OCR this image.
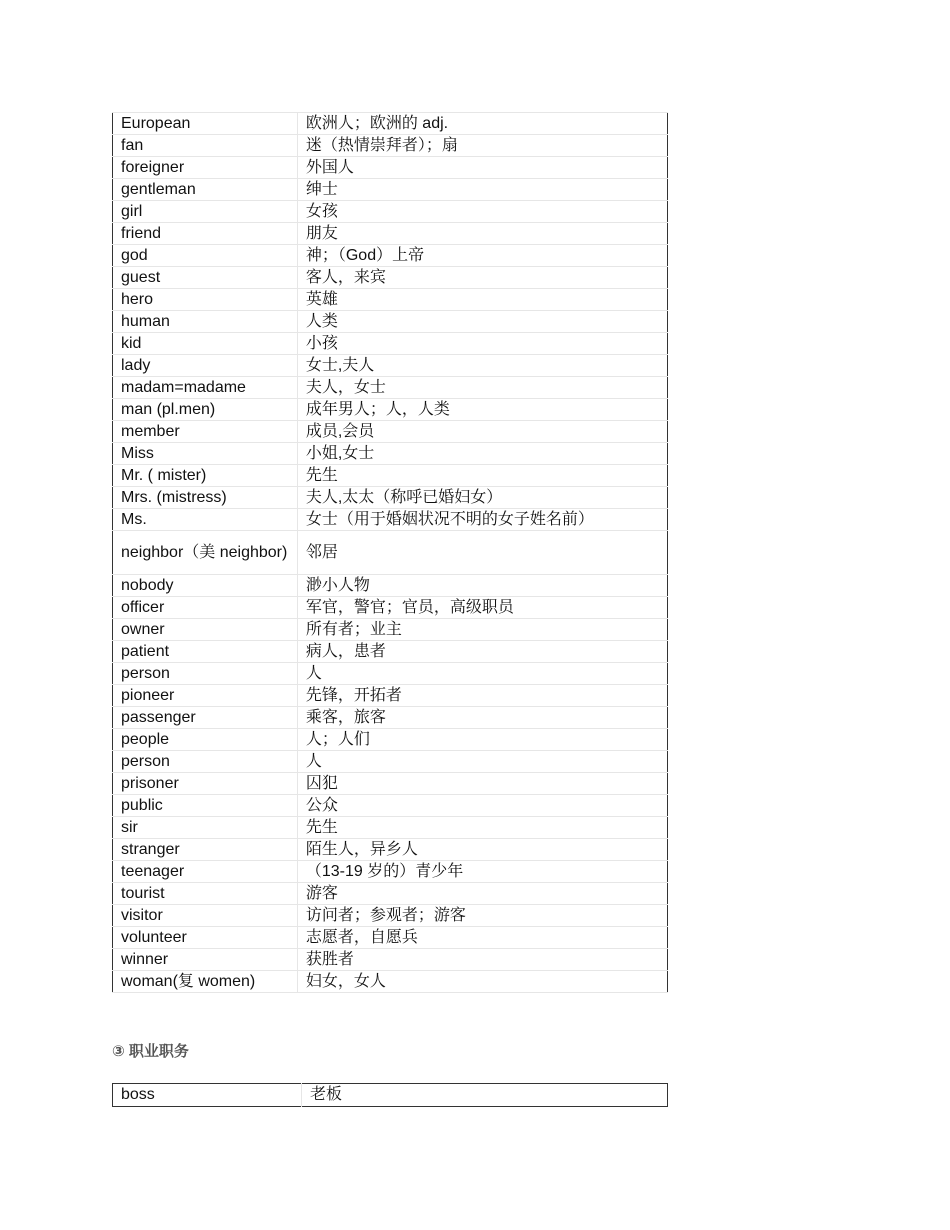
European	欧洲人；欧洲的 adj.
fan	迷（热情崇拜者）；扇
foreigner	外国人
gentleman	绅士
girl	女孩
friend	朋友
god	神；（God）上帝
guest	客人，来宾
hero	英雄
human	人类
kid	小孩
lady	女士,夫人
madam=madame	夫人，女士
man (pl.men)	成年男人；人，人类
member	成员,会员
Miss	小姐,女士
Mr. ( mister)	先生
Mrs. (mistress)	夫人,太太（称呼已婚妇女）
Ms.	女士（用于婚姻状况不明的女子姓名前）
neighbor（美 neighbor)	邻居
nobody	渺小人物
officer	军官，警官；官员，高级职员
owner	所有者；业主
patient	病人，患者
person	人
pioneer	先锋，开拓者
passenger	乘客，旅客
people	人；人们
person	人
prisoner	囚犯
public	公众
sir	先生
stranger	陌生人，异乡人
teenager	（13-19 岁的）青少年
tourist	游客
visitor	访问者；参观者；游客
volunteer	志愿者，自愿兵
winner	获胜者
woman(复 women)	妇女，女人
③ 职业职务
boss	老板
